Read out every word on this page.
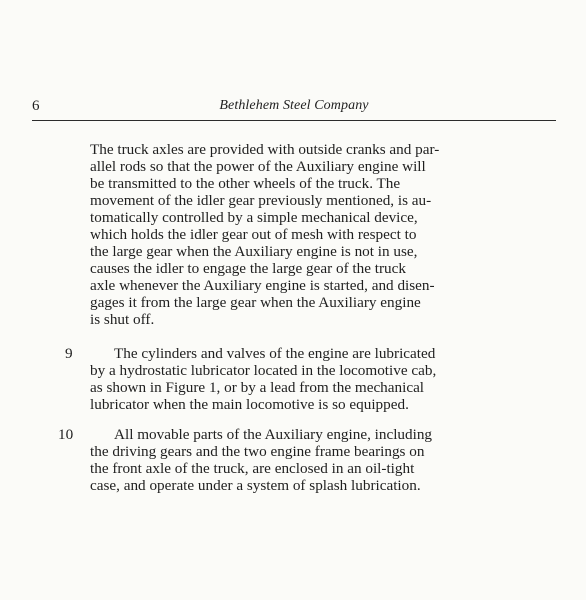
6	Bethlehem Steel Company
The truck axles are provided with outside cranks and par-
allel rods so that the power of the Auxiliary engine will
be transmitted to the other wheels of the truck. The
movement of the idler gear previously mentioned, is au-
tomatically controlled by a simple mechanical device,
which holds the idler gear out of mesh with respect to
the large gear when the Auxiliary engine is not in use,
causes the idler to engage the large gear of the truck
axle whenever the Auxiliary engine is started, and disen-
gages it from the large gear when the Auxiliary engine
is shut off.
9	The cylinders and valves of the engine are lubricated
by a hydrostatic lubricator located in the locomotive cab,
as shown in Figure 1, or by a lead from the mechanical
lubricator when the main locomotive is so equipped.
10	All movable parts of the Auxiliary engine, including
the driving gears and the two engine frame bearings on
the front axle of the truck, are enclosed in an oil-tight
case, and operate under a system of splash lubrication.
